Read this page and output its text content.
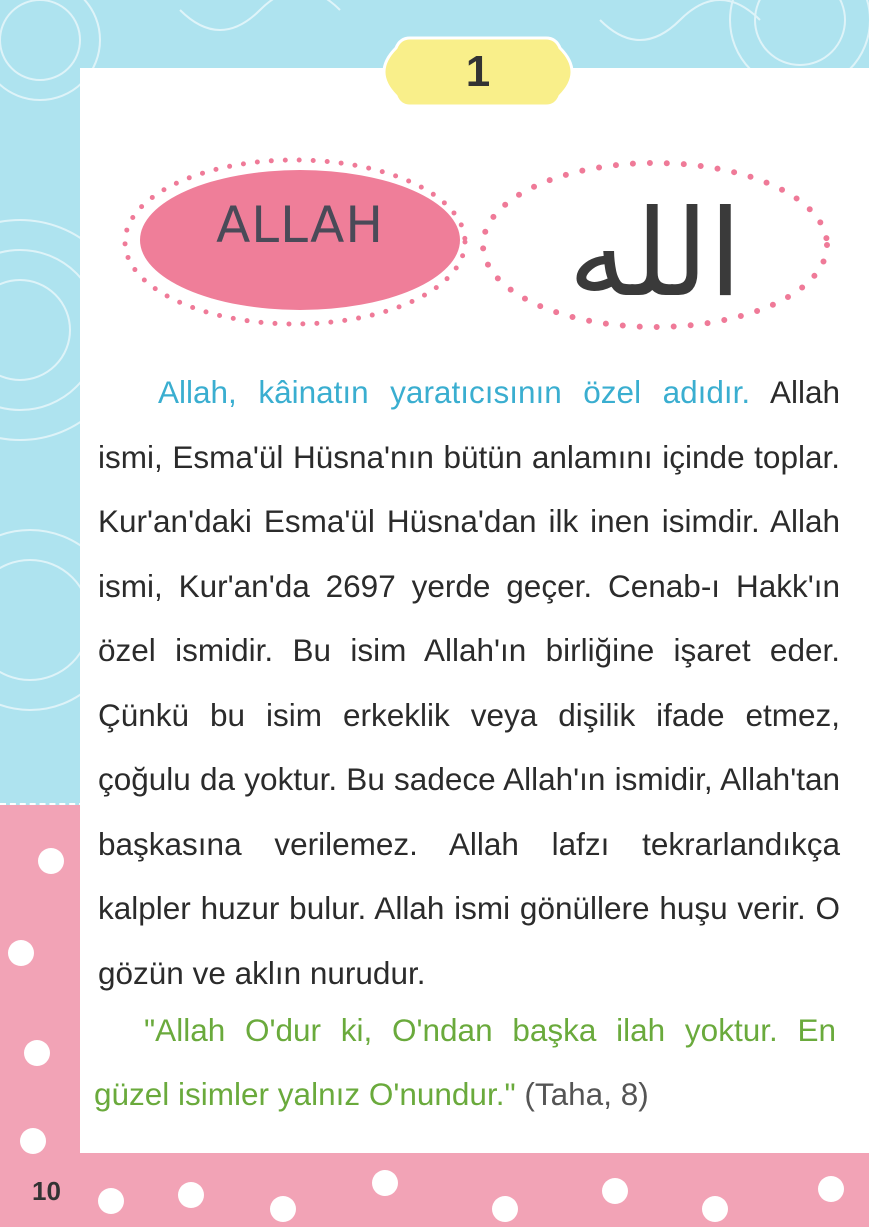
1
ALLAH	الله

Allah, kâinatın yaratıcısının özel adıdır. Allah ismi, Esma'ül Hüsna'nın bütün anlamını içinde toplar. Kur'an'daki Esma'ül Hüsna'dan ilk inen isimdir. Allah ismi, Kur'an'da 2697 yerde geçer. Cenab-ı Hakk'ın özel ismidir. Bu isim Allah'ın birliğine işaret eder. Çünkü bu isim erkeklik veya dişilik ifade etmez, çoğulu da yoktur. Bu sadece Allah'ın ismidir, Allah'tan başkasına verilemez. Allah lafzı tekrarlandıkça kalpler huzur bulur. Allah ismi gönüllere huşu verir. O gözün ve aklın nurudur.

"Allah O'dur ki, O'ndan başka ilah yoktur. En güzel isimler yalnız O'nundur." (Taha, 8)
10
